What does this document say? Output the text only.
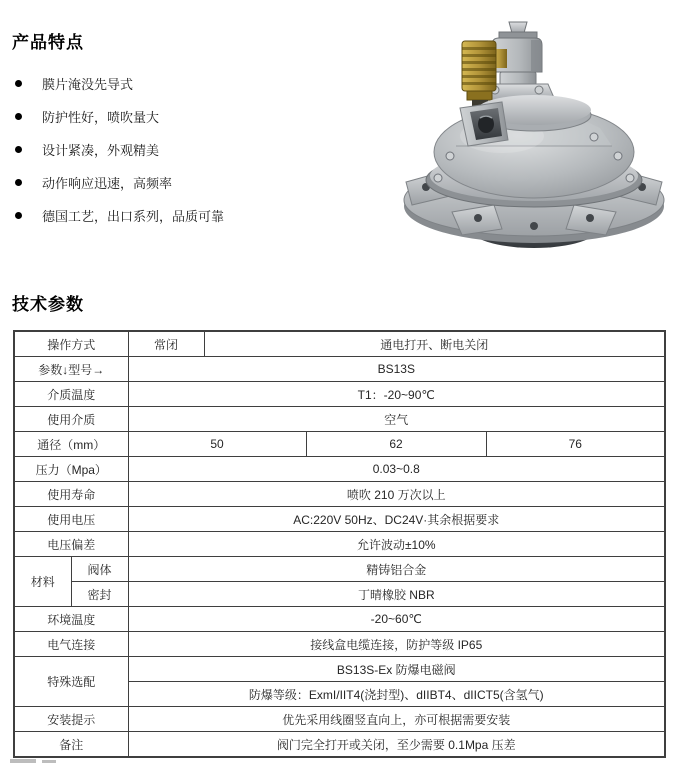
产品特点
膜片淹没先导式
防护性好，喷吹量大
设计紧凑，外观精美
动作响应迅速，高频率
德国工艺，出口系列，品质可靠
技术参数
操作方式		常闭	通电打开、断电关闭		
参数↓型号→		BS13S			
介质温度		T1：-20~90℃			
使用介质		空气			
通径（mm）		50		62	76
压力（Mpa）		0.03~0.8			
使用寿命		喷吹 210 万次以上			
使用电压		AC:220V 50Hz、DC24V·其余根据要求			
电压偏差		允许波动±10%			
材料	阀体	精铸铝合金			
	密封	丁晴橡胶 NBR			
环境温度		-20~60℃			
电气连接		接线盒电缆连接，防护等级 IP65			
特殊选配		BS13S-Ex 防爆电磁阀			
		防爆等级：ExmI/IIT4(浇封型)、dIIBT4、dIICT5(含氢气)			
安装提示		优先采用线圈竖直向上，亦可根据需要安装			
备注		阀门完全打开或关闭，至少需要 0.1Mpa 压差			
